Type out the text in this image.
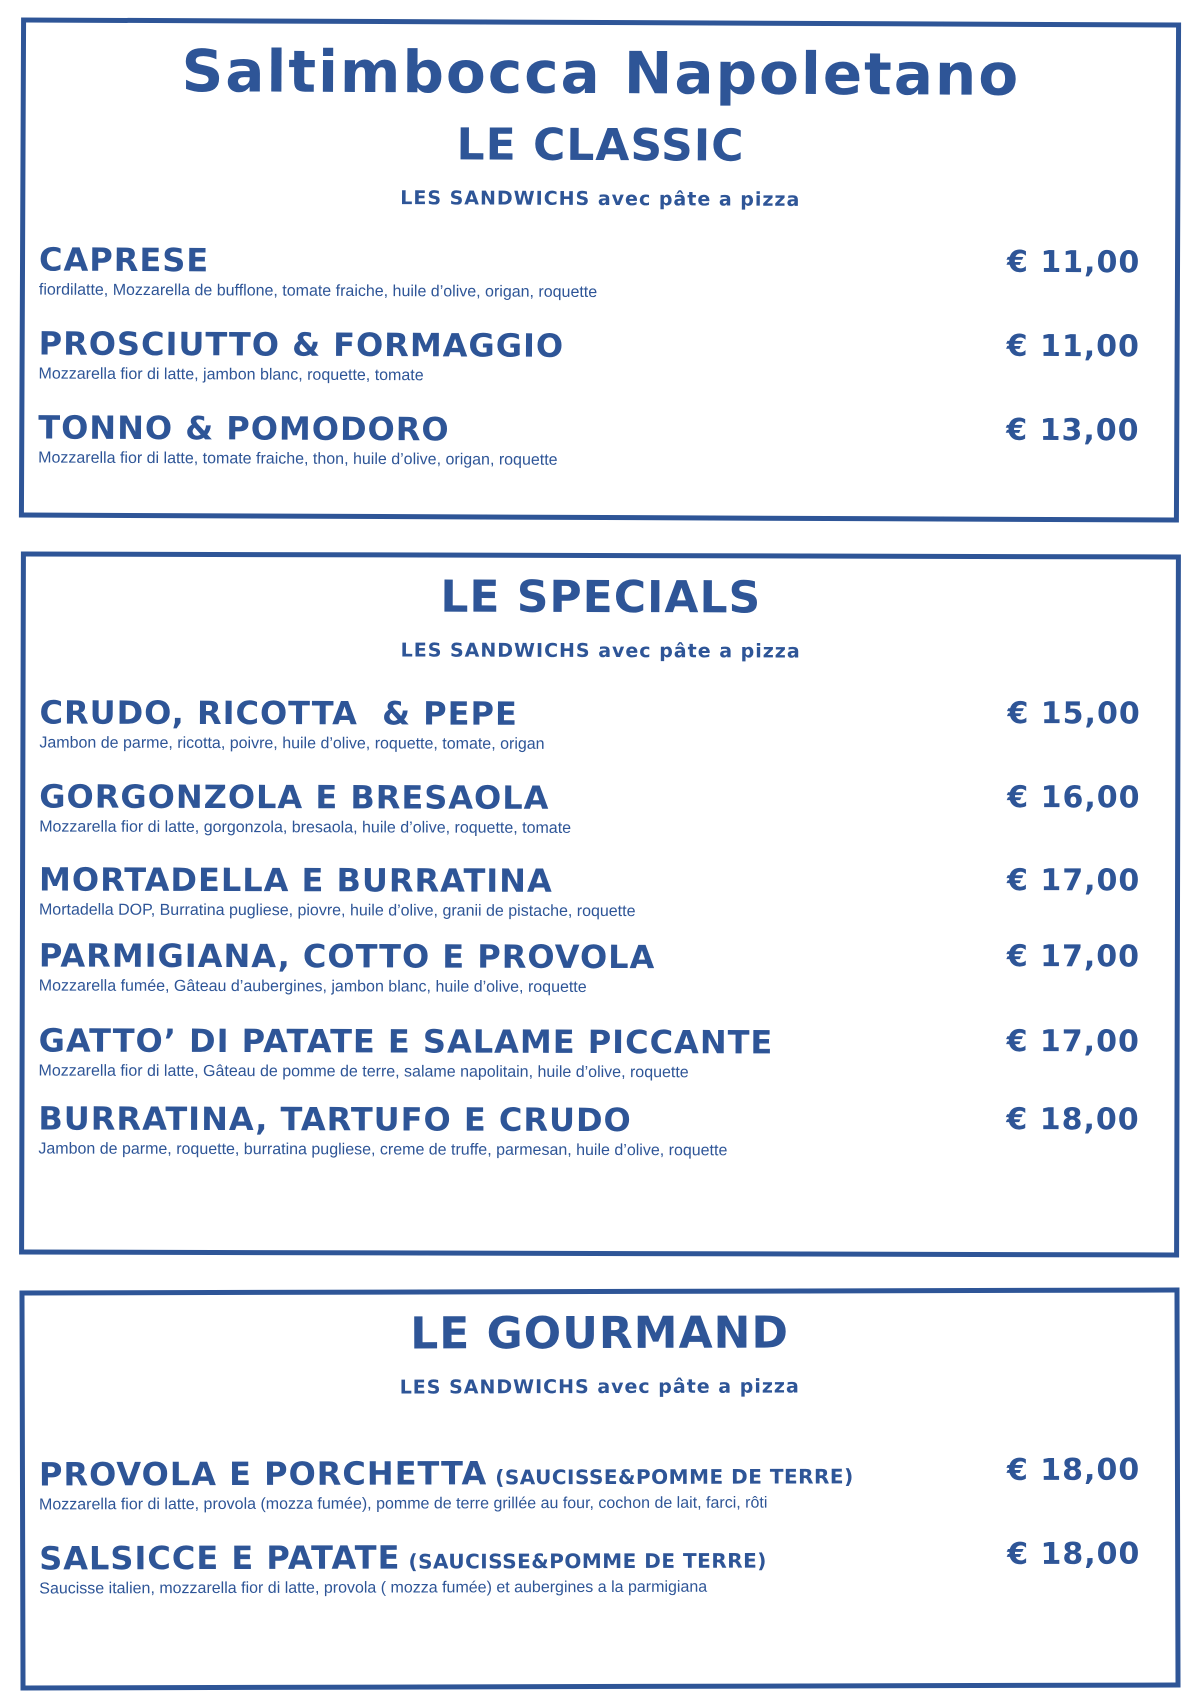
Saltimbocca Napoletano
LE CLASSIC
LES SANDWICHS avec pâte a pizza
CAPRESE
fiordilatte, Mozzarella de bufflone, tomate fraiche, huile d’olive, origan, roquette
€ 11,00
PROSCIUTTO & FORMAGGIO
Mozzarella fior di latte, jambon blanc, roquette, tomate
€ 11,00
TONNO & POMODORO
Mozzarella fior di latte, tomate fraiche, thon, huile d’olive, origan, roquette
€ 13,00
LE SPECIALS
LES SANDWICHS avec pâte a pizza
CRUDO, RICOTTA  & PEPE
Jambon de parme, ricotta, poivre, huile d’olive, roquette, tomate, origan
€ 15,00
GORGONZOLA E BRESAOLA
Mozzarella fior di latte, gorgonzola, bresaola, huile d’olive, roquette, tomate
€ 16,00
MORTADELLA E BURRATINA
Mortadella DOP, Burratina pugliese, piovre, huile d’olive, granii de pistache, roquette
€ 17,00
PARMIGIANA, COTTO E PROVOLA
Mozzarella fumée, Gâteau d’aubergines, jambon blanc, huile d’olive, roquette
€ 17,00
GATTO’ DI PATATE E SALAME PICCANTE
Mozzarella fior di latte, Gâteau de pomme de terre, salame napolitain, huile d’olive, roquette
€ 17,00
BURRATINA, TARTUFO E CRUDO
Jambon de parme, roquette, burratina pugliese, creme de truffe, parmesan, huile d’olive, roquette
€ 18,00
LE GOURMAND
LES SANDWICHS avec pâte a pizza
PROVOLA E PORCHETTA (SAUCISSE&POMME DE TERRE)
Mozzarella fior di latte, provola (mozza fumée), pomme de terre grillée au four, cochon de lait, farci, rôti
€ 18,00
SALSICCE E PATATE (SAUCISSE&POMME DE TERRE)
Saucisse italien, mozzarella fior di latte, provola ( mozza fumée) et aubergines a la parmigiana
€ 18,00
